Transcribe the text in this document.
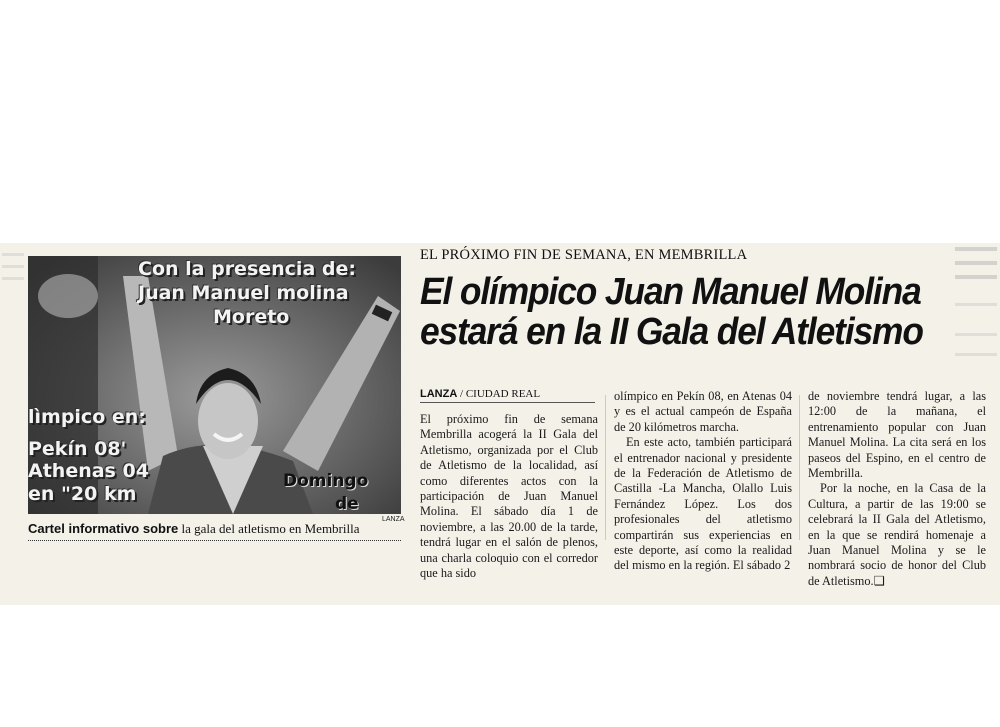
Con la presencia de:
Juan Manuel molina
Moreto
lìmpico en:
Pekín 08'
Athenas 04
en "20 km
Domingo
de
LANZA
Cartel informativo sobre la gala del atletismo en Membrilla
EL PRÓXIMO FIN DE SEMANA, EN MEMBRILLA
El olímpico Juan Manuel Molina
estará en la II Gala del Atletismo
LANZA / CIUDAD REAL

El próximo fin de semana Membrilla acogerá la II Gala del Atletismo, organizada por el Club de Atletismo de la localidad, así como diferentes actos con la participación de Juan Manuel Molina. El sábado día 1 de noviembre, a las 20.00 de la tarde, tendrá lugar en el salón de plenos, una charla coloquio con el corredor que ha sido

olímpico en Pekín 08, en Atenas 04 y es el actual campeón de España de 20 kilómetros marcha.

En este acto, también participará el entrenador nacional y presidente de la Federación de Atletismo de Castilla -La Mancha, Olallo Luis Fernández López. Los dos profesionales del atletismo compartirán sus experiencias en este deporte, así como la realidad del mismo en la región. El sábado 2

de noviembre tendrá lugar, a las 12:00 de la mañana, el entrenamiento popular con Juan Manuel Molina. La cita será en los paseos del Espino, en el centro de Membrilla.

Por la noche, en la Casa de la Cultura, a partir de las 19:00 se celebrará la II Gala del Atletismo, en la que se rendirá homenaje a Juan Manuel Molina y se le nombrará socio de honor del Club de Atletismo.❑
